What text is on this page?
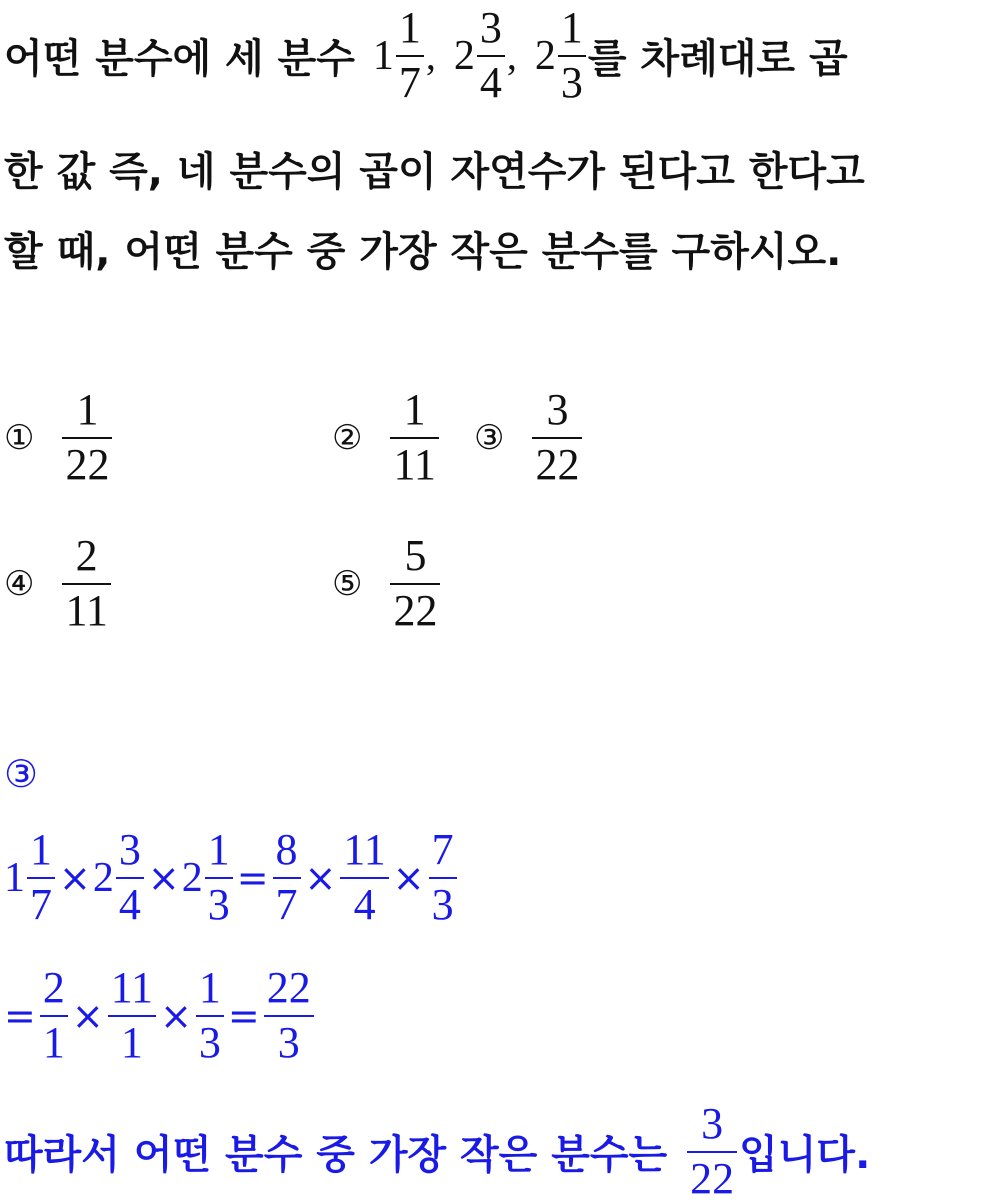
어떤 분수에 세 분수 $1 \frac{1}{7}$ , $2 \frac{3}{4}$ , $2 \frac{1}{3}$ 를 차례대로 곱
한 값 즉, 네 분수의 곱이 자연수가 된다고 한다고
할 때, 어떤 분수 중 가장 작은 분수를 구하시오.
① $\frac{1}{22}$	② $\frac{1}{11}$ ③ $\frac{3}{22}$
④ $\frac{2}{11}$	⑤ $\frac{5}{22}$
③
$1 \frac{1}{7} \times 2 \frac{3}{4} \times 2 \frac{1}{3} = \frac{8}{7} \times \frac{11}{4} \times \frac{7}{3}$
= $\frac{2}{1} \times \frac{11}{1} \times \frac{1}{3} = \frac{22}{3}$
따라서 어떤 분수 중 가장 작은 분수는 $\frac{3}{22}$ 입니다.
